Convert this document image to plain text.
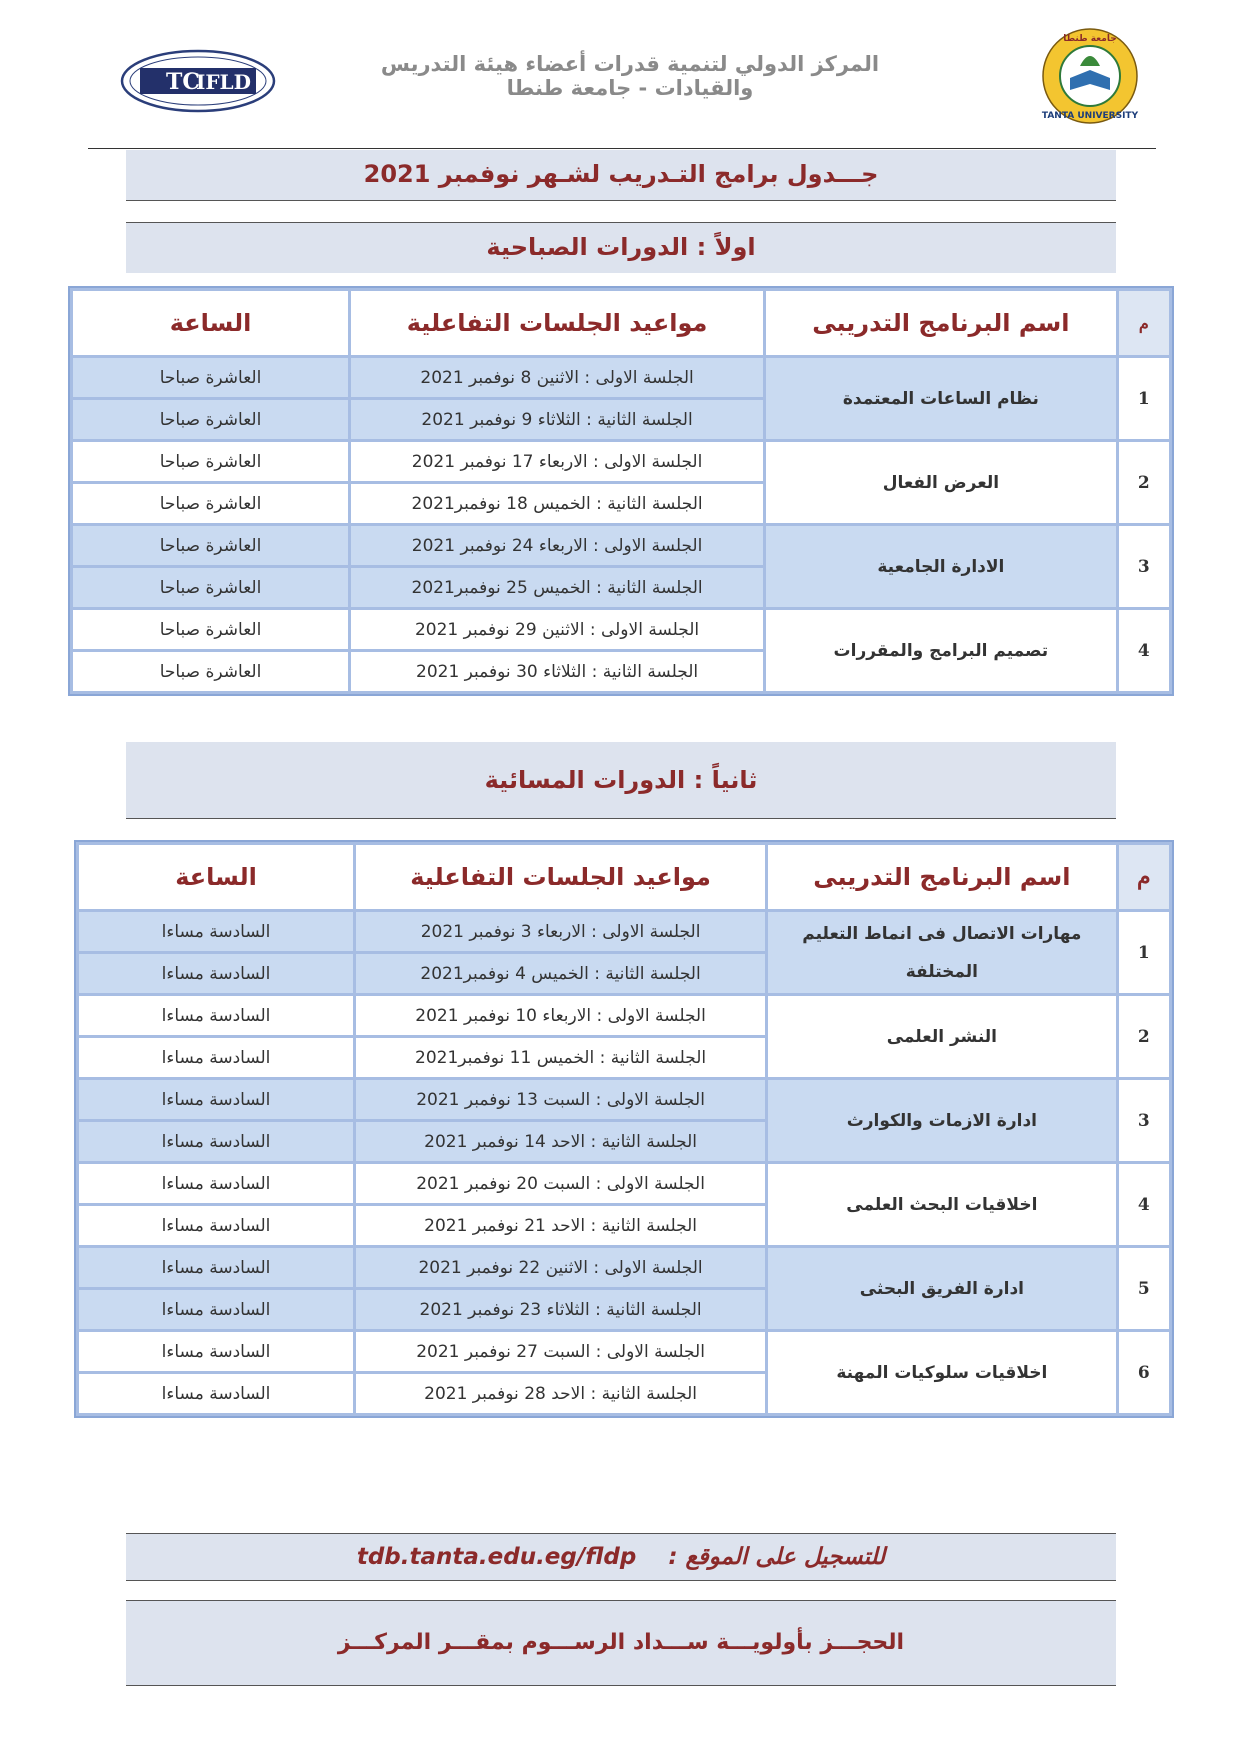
TC
IFLD
المركز الدولي لتنمية قدرات أعضاء هيئة التدريس والقيادات - جامعة طنطا
TANTA UNIVERSITY
جامعة طنطا
جـــدول برامج التـدريب لشـهر نوفمبر 2021
اولاً : الدورات الصباحية
م	اسم البرنامج التدريبى	مواعيد الجلسات التفاعلية	الساعة
1	نظام الساعات المعتمدة	الجلسة الاولى : الاثنين 8 نوفمبر 2021	العاشرة صباحا
		الجلسة الثانية : الثلاثاء 9 نوفمبر 2021	العاشرة صباحا
2	العرض الفعال	الجلسة الاولى : الاربعاء 17 نوفمبر 2021	العاشرة صباحا
		الجلسة الثانية : الخميس 18 نوفمبر2021	العاشرة صباحا
3	الادارة الجامعية	الجلسة الاولى : الاربعاء 24 نوفمبر 2021	العاشرة صباحا
		الجلسة الثانية : الخميس 25 نوفمبر2021	العاشرة صباحا
4	تصميم البرامج والمقررات	الجلسة الاولى : الاثنين 29 نوفمبر 2021	العاشرة صباحا
		الجلسة الثانية : الثلاثاء 30 نوفمبر 2021	العاشرة صباحا
ثانياً : الدورات المسائية
م	اسم البرنامج التدريبى	مواعيد الجلسات التفاعلية	الساعة
1	مهارات الاتصال فى انماط التعليم المختلفة	الجلسة الاولى : الاربعاء 3 نوفمبر 2021	السادسة مساءا
		الجلسة الثانية : الخميس 4 نوفمبر2021	السادسة مساءا
2	النشر العلمى	الجلسة الاولى : الاربعاء 10 نوفمبر 2021	السادسة مساءا
		الجلسة الثانية : الخميس 11 نوفمبر2021	السادسة مساءا
3	ادارة الازمات والكوارث	الجلسة الاولى : السبت 13 نوفمبر 2021	السادسة مساءا
		الجلسة الثانية : الاحد 14 نوفمبر 2021	السادسة مساءا
4	اخلاقيات البحث العلمى	الجلسة الاولى : السبت 20 نوفمبر 2021	السادسة مساءا
		الجلسة الثانية : الاحد 21 نوفمبر 2021	السادسة مساءا
5	ادارة الفريق البحثى	الجلسة الاولى : الاثنين 22 نوفمبر 2021	السادسة مساءا
		الجلسة الثانية : الثلاثاء 23 نوفمبر 2021	السادسة مساءا
6	اخلاقيات سلوكيات المهنة	الجلسة الاولى : السبت 27 نوفمبر 2021	السادسة مساءا
		الجلسة الثانية : الاحد 28 نوفمبر 2021	السادسة مساءا
للتسجيل على الموقع :    tdb.tanta.edu.eg/fldp
الحجـــز بأولويـــة ســـداد الرســـوم بمقـــر المركـــز
